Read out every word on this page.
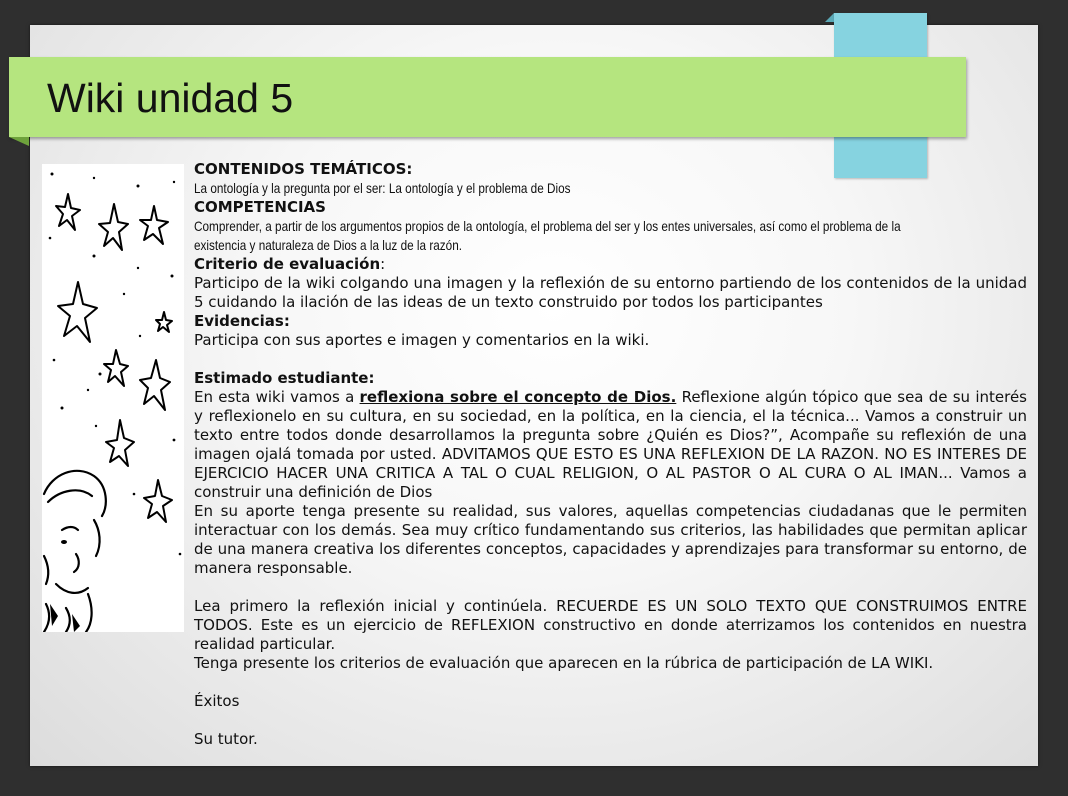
Wiki unidad 5

CONTENIDOS TEMÁTICOS:

La ontología y la pregunta por el ser: La ontología y el problema de Dios

COMPETENCIAS

Comprender, a partir de los argumentos propios de la ontología, el problema del ser y los entes universales, así como el problema de la

existencia y naturaleza de Dios a la luz de la razón.

Criterio de evaluación:

Participo de la wiki colgando una imagen y la reflexión de su entorno partiendo de los contenidos de la unidad 5 cuidando la ilación de las ideas de un texto construido por todos los participantes

Evidencias:

Participa con sus aportes e imagen y comentarios en la wiki.

Estimado estudiante:

En esta wiki vamos a reflexiona sobre el concepto de Dios. Reflexione algún tópico que sea de su interés y reflexionelo en su cultura, en su sociedad, en la política, en la ciencia, el la técnica... Vamos a construir un texto entre todos donde desarrollamos la pregunta sobre ¿Quién es Dios?”, Acompañe su reflexión de una imagen ojalá tomada por usted. ADVITAMOS QUE ESTO ES UNA REFLEXION DE LA RAZON. NO ES INTERES DE EJERCICIO HACER UNA CRITICA A TAL O CUAL RELIGION, O AL PASTOR O AL CURA O AL IMAN... Vamos a construir una definición de Dios

En su aporte tenga presente su realidad, sus valores, aquellas competencias ciudadanas que le permiten interactuar con los demás. Sea muy crítico fundamentando sus criterios, las habilidades que permitan aplicar de una manera creativa los diferentes conceptos, capacidades y aprendizajes para transformar su entorno, de manera responsable.

Lea primero la reflexión inicial y continúela. RECUERDE ES UN SOLO TEXTO QUE CONSTRUIMOS ENTRE TODOS. Este es un ejercicio de REFLEXION constructivo en donde aterrizamos los contenidos en nuestra realidad particular.

Tenga presente los criterios de evaluación que aparecen en la rúbrica de participación de LA WIKI.

Éxitos

Su tutor.
